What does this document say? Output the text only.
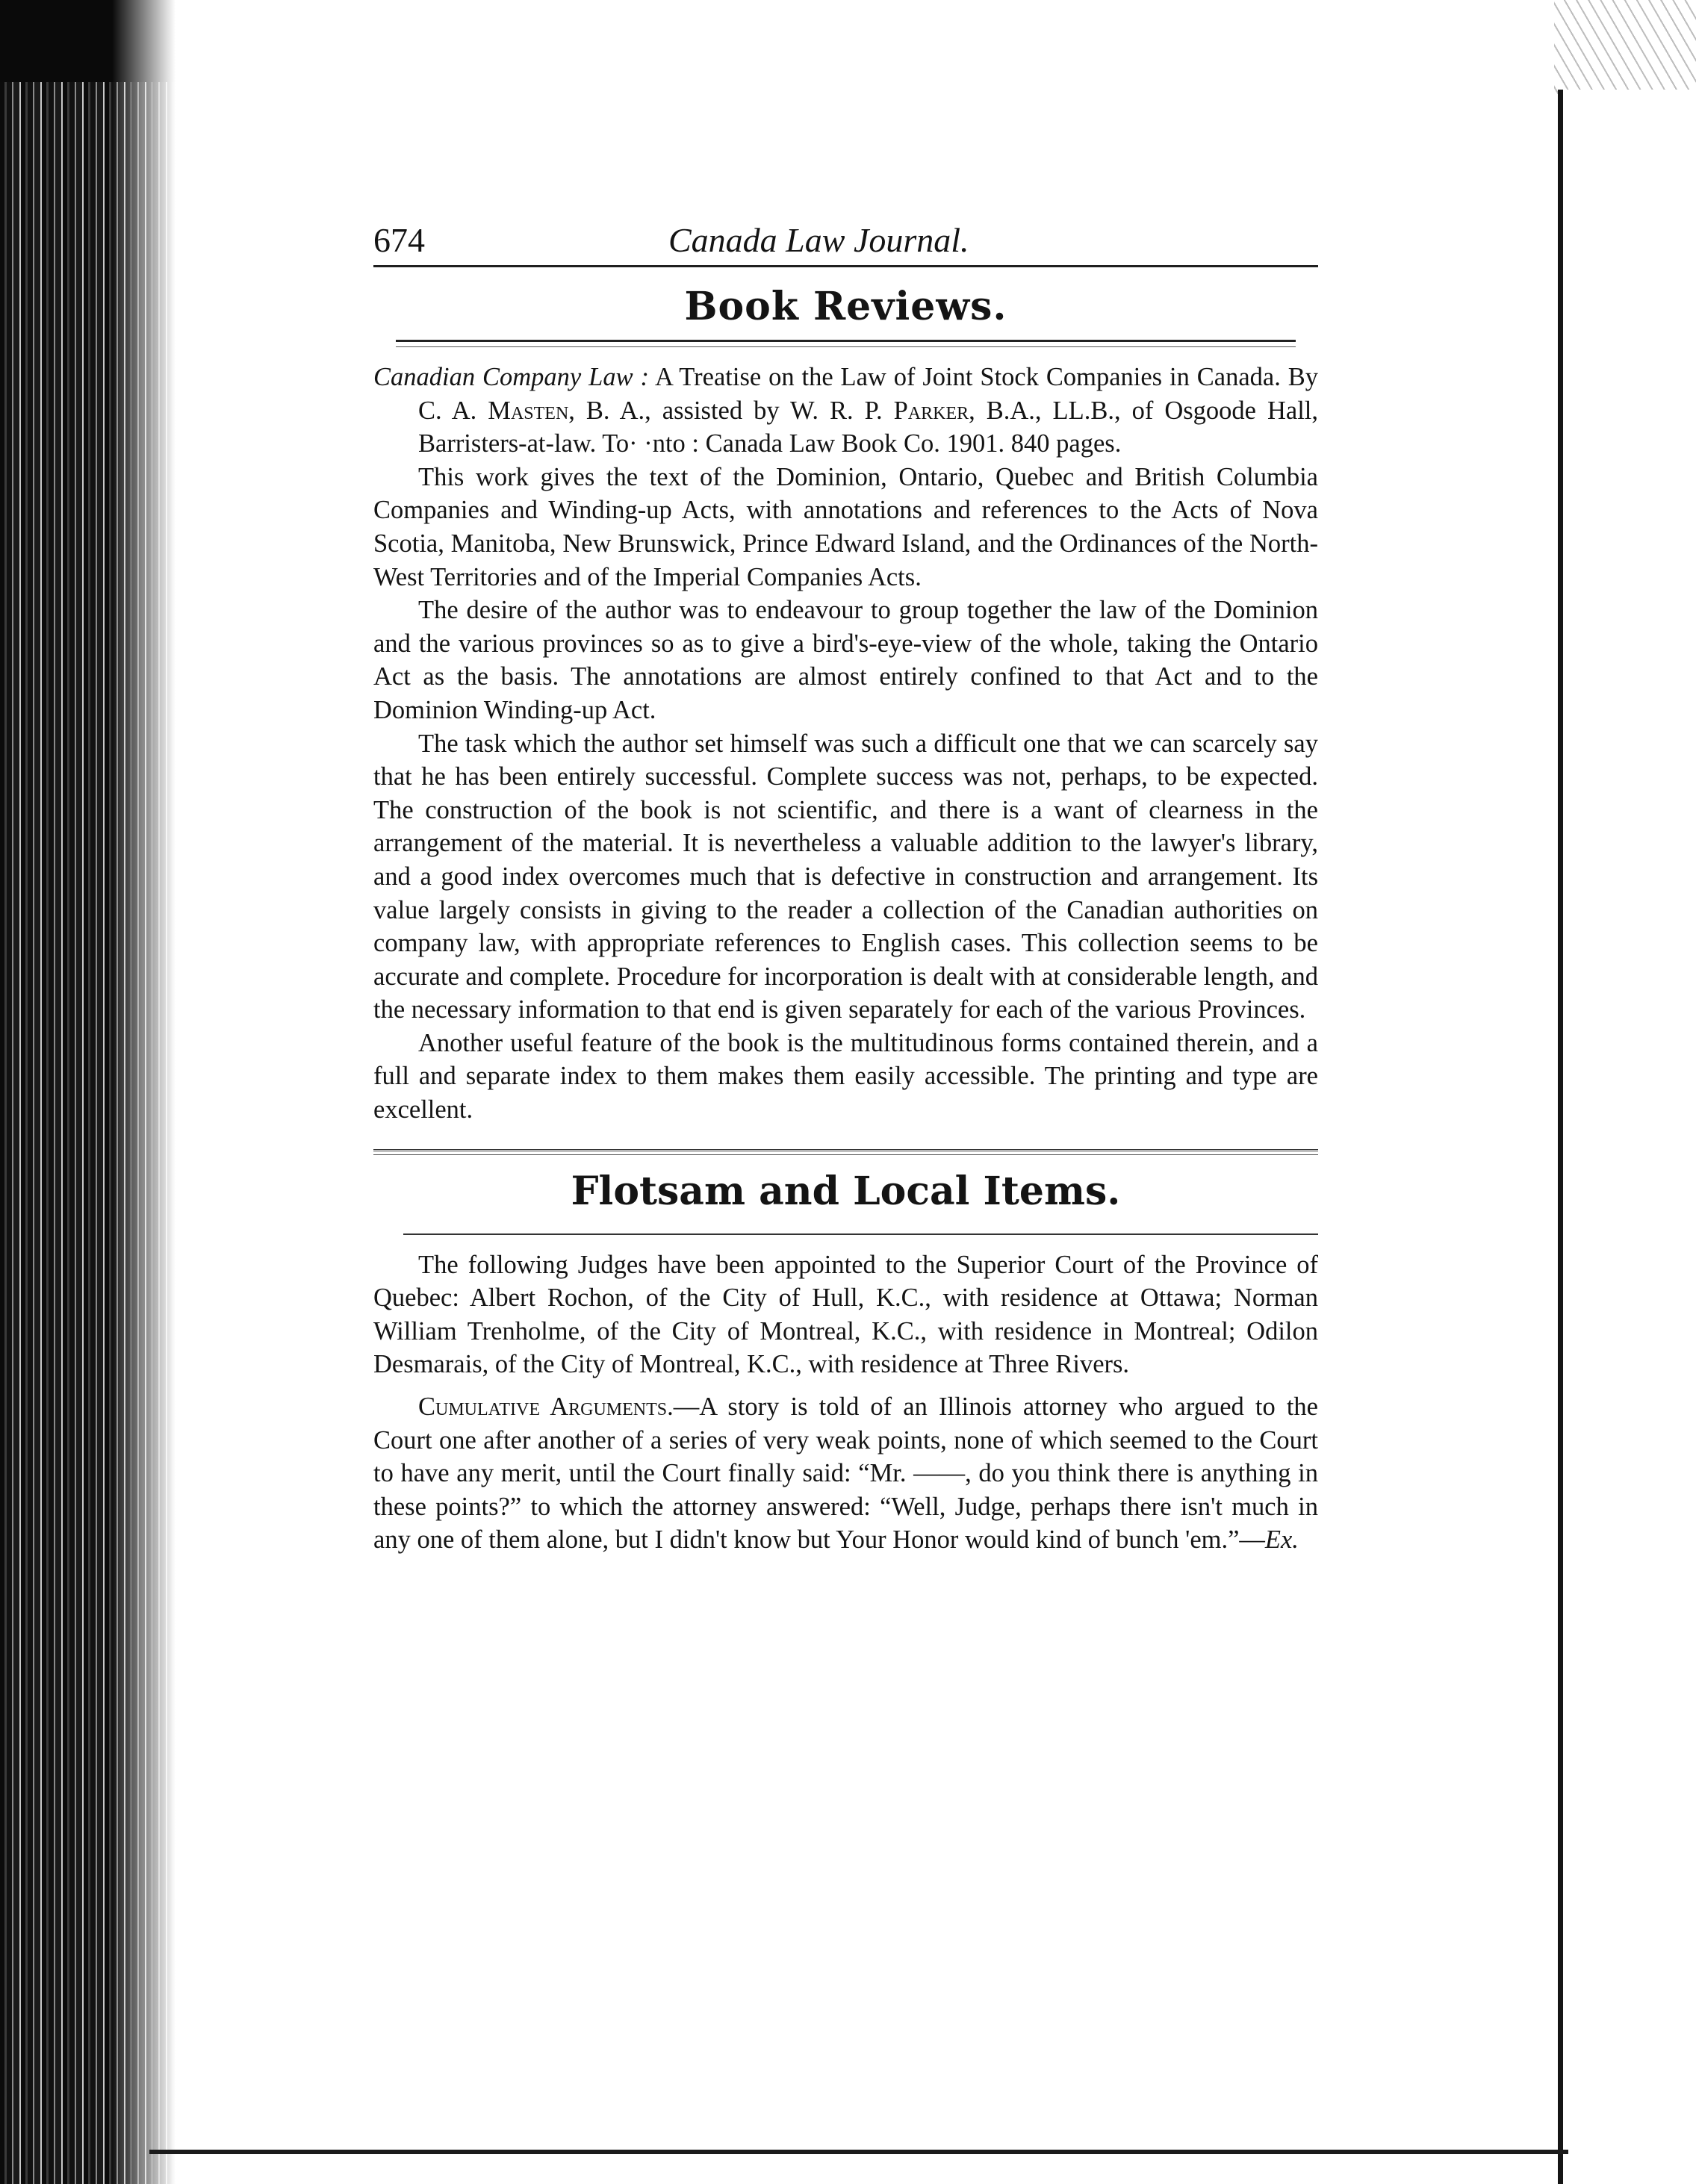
674	Canada Law Journal.
Book Reviews.

Canadian Company Law : A Treatise on the Law of Joint Stock Companies in Canada. By C. A. Masten, B. A., assisted by W. R. P. Parker, B.A., LL.B., of Osgoode Hall, Barristers-at-law. To· ·nto : Canada Law Book Co. 1901. 840 pages.

This work gives the text of the Dominion, Ontario, Quebec and British Columbia Companies and Winding-up Acts, with annotations and references to the Acts of Nova Scotia, Manitoba, New Brunswick, Prince Edward Island, and the Ordinances of the North-West Territories and of the Imperial Companies Acts.

The desire of the author was to endeavour to group together the law of the Dominion and the various provinces so as to give a bird's-eye-view of the whole, taking the Ontario Act as the basis. The annotations are almost entirely confined to that Act and to the Dominion Winding-up Act.

The task which the author set himself was such a difficult one that we can scarcely say that he has been entirely successful. Complete success was not, perhaps, to be expected. The construction of the book is not scientific, and there is a want of clearness in the arrangement of the material. It is nevertheless a valuable addition to the lawyer's library, and a good index overcomes much that is defective in construction and arrangement. Its value largely consists in giving to the reader a collection of the Canadian authorities on company law, with appropriate references to English cases. This collection seems to be accurate and complete. Procedure for incorporation is dealt with at considerable length, and the necessary information to that end is given separately for each of the various Provinces.

Another useful feature of the book is the multitudinous forms contained therein, and a full and separate index to them makes them easily accessible. The printing and type are excellent.

Flotsam and Local Items.

The following Judges have been appointed to the Superior Court of the Province of Quebec: Albert Rochon, of the City of Hull, K.C., with residence at Ottawa; Norman William Trenholme, of the City of Montreal, K.C., with residence in Montreal; Odilon Desmarais, of the City of Montreal, K.C., with residence at Three Rivers.

Cumulative Arguments.—A story is told of an Illinois attorney who argued to the Court one after another of a series of very weak points, none of which seemed to the Court to have any merit, until the Court finally said: “Mr. ——, do you think there is anything in these points?” to which the attorney answered: “Well, Judge, perhaps there isn't much in any one of them alone, but I didn't know but Your Honor would kind of bunch 'em.”—Ex.
